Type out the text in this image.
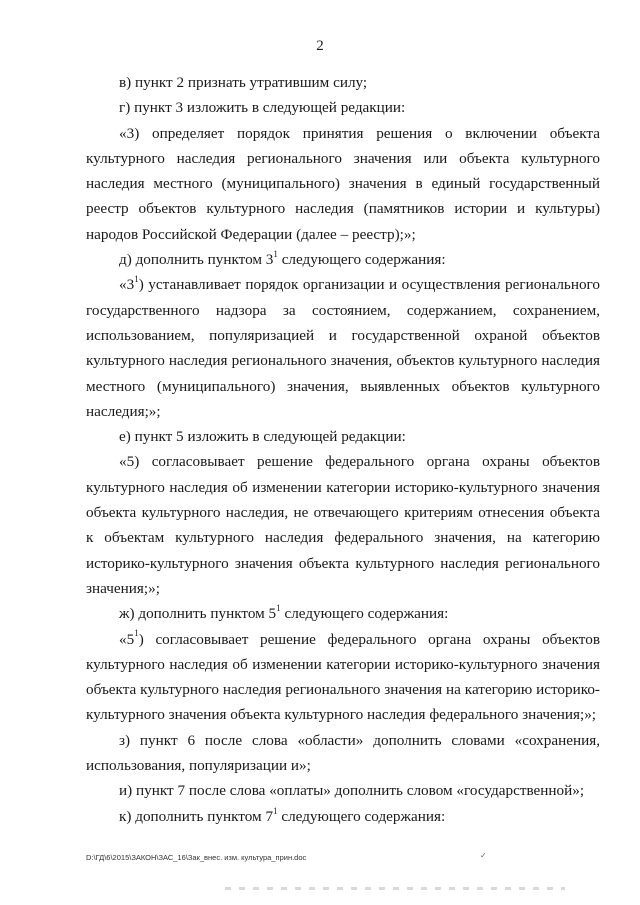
2

в) пункт 2 признать утратившим силу;

г) пункт 3 изложить в следующей редакции:

«3) определяет порядок принятия решения о включении объекта культурного наследия регионального значения или объекта культурного наследия местного (муниципального) значения в единый государственный реестр объектов культурного наследия (памятников истории и культуры) народов Российской Федерации (далее – реестр);»;

д) дополнить пунктом $3^1$ следующего содержания:

«$3^1$) устанавливает порядок организации и осуществления регионального государственного надзора за состоянием, содержанием, сохранением, использованием, популяризацией и государственной охраной объектов культурного наследия регионального значения, объектов культурного наследия местного (муниципального) значения, выявленных объектов культурного наследия;»;

е) пункт 5 изложить в следующей редакции:

«5) согласовывает решение федерального органа охраны объектов культурного наследия об изменении категории историко-культурного значения объекта культурного наследия, не отвечающего критериям отнесения объекта к объектам культурного наследия федерального значения, на категорию историко-культурного значения объекта культурного наследия регионального значения;»;

ж) дополнить пунктом $5^1$ следующего содержания:

«$5^1$) согласовывает решение федерального органа охраны объектов культурного наследия об изменении категории историко-культурного значения объекта культурного наследия регионального значения на категорию историко-культурного значения объекта культурного наследия федерального значения;»;

з) пункт 6 после слова «области» дополнить словами «сохранения, использования, популяризации и»;

и) пункт 7 после слова «оплаты» дополнить словом «государственной»;

к) дополнить пунктом $7^1$ следующего содержания:

D:\ГД\6\2015\ЗАКОН\ЗАС_16\Зак_внес. изм. культура_прин.doc	✓
